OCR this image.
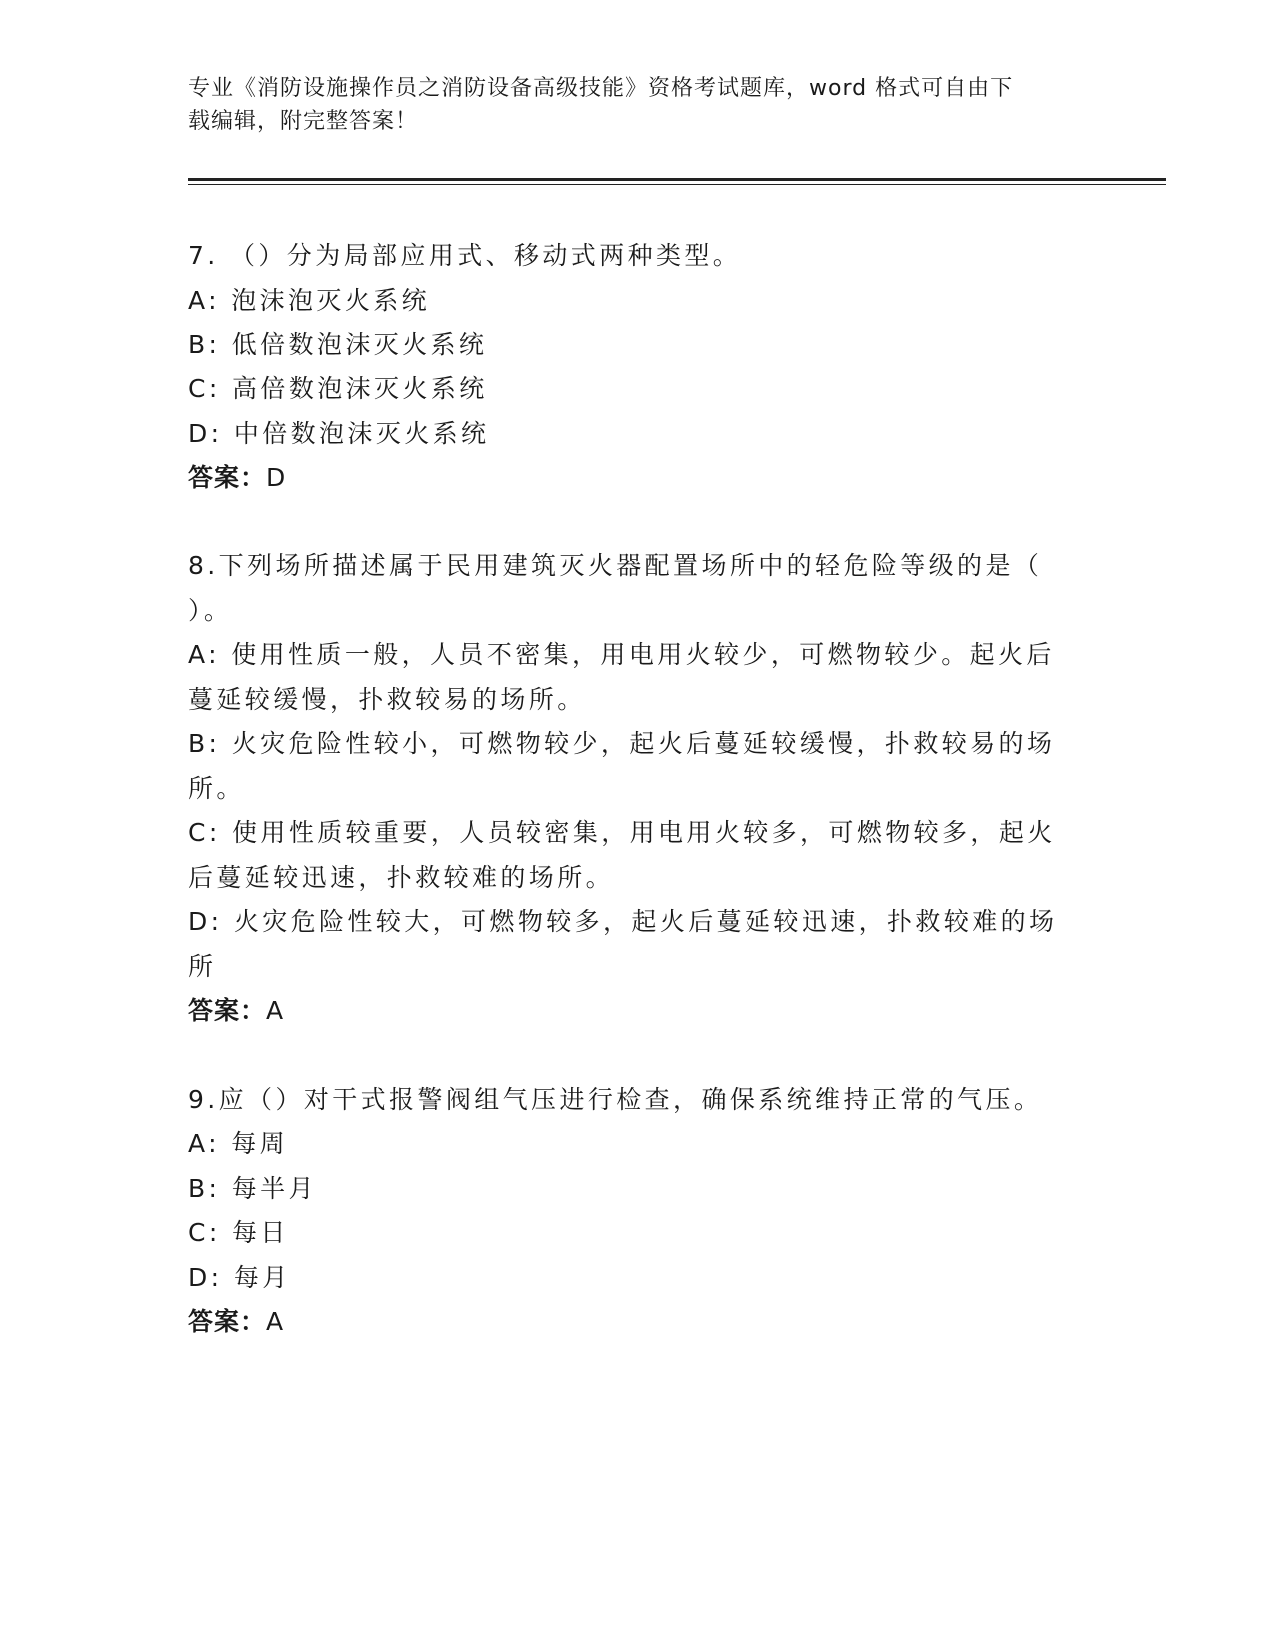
专业《消防设施操作员之消防设备高级技能》资格考试题库，word 格式可自由下
载编辑，附完整答案！
7. （）分为局部应用式、移动式两种类型。
A: 泡沫泡灭火系统
B: 低倍数泡沫灭火系统
C: 高倍数泡沫灭火系统
D: 中倍数泡沫灭火系统
答案：D
8.下列场所描述属于民用建筑灭火器配置场所中的轻危险等级的是（
）。
A: 使用性质一般，人员不密集，用电用火较少，可燃物较少。起火后
蔓延较缓慢，扑救较易的场所。
B: 火灾危险性较小，可燃物较少，起火后蔓延较缓慢，扑救较易的场
所。
C: 使用性质较重要，人员较密集，用电用火较多，可燃物较多，起火
后蔓延较迅速，扑救较难的场所。
D: 火灾危险性较大，可燃物较多，起火后蔓延较迅速，扑救较难的场
所
答案：A
9.应（）对干式报警阀组气压进行检查，确保系统维持正常的气压。
A: 每周
B: 每半月
C: 每日
D: 每月
答案：A
